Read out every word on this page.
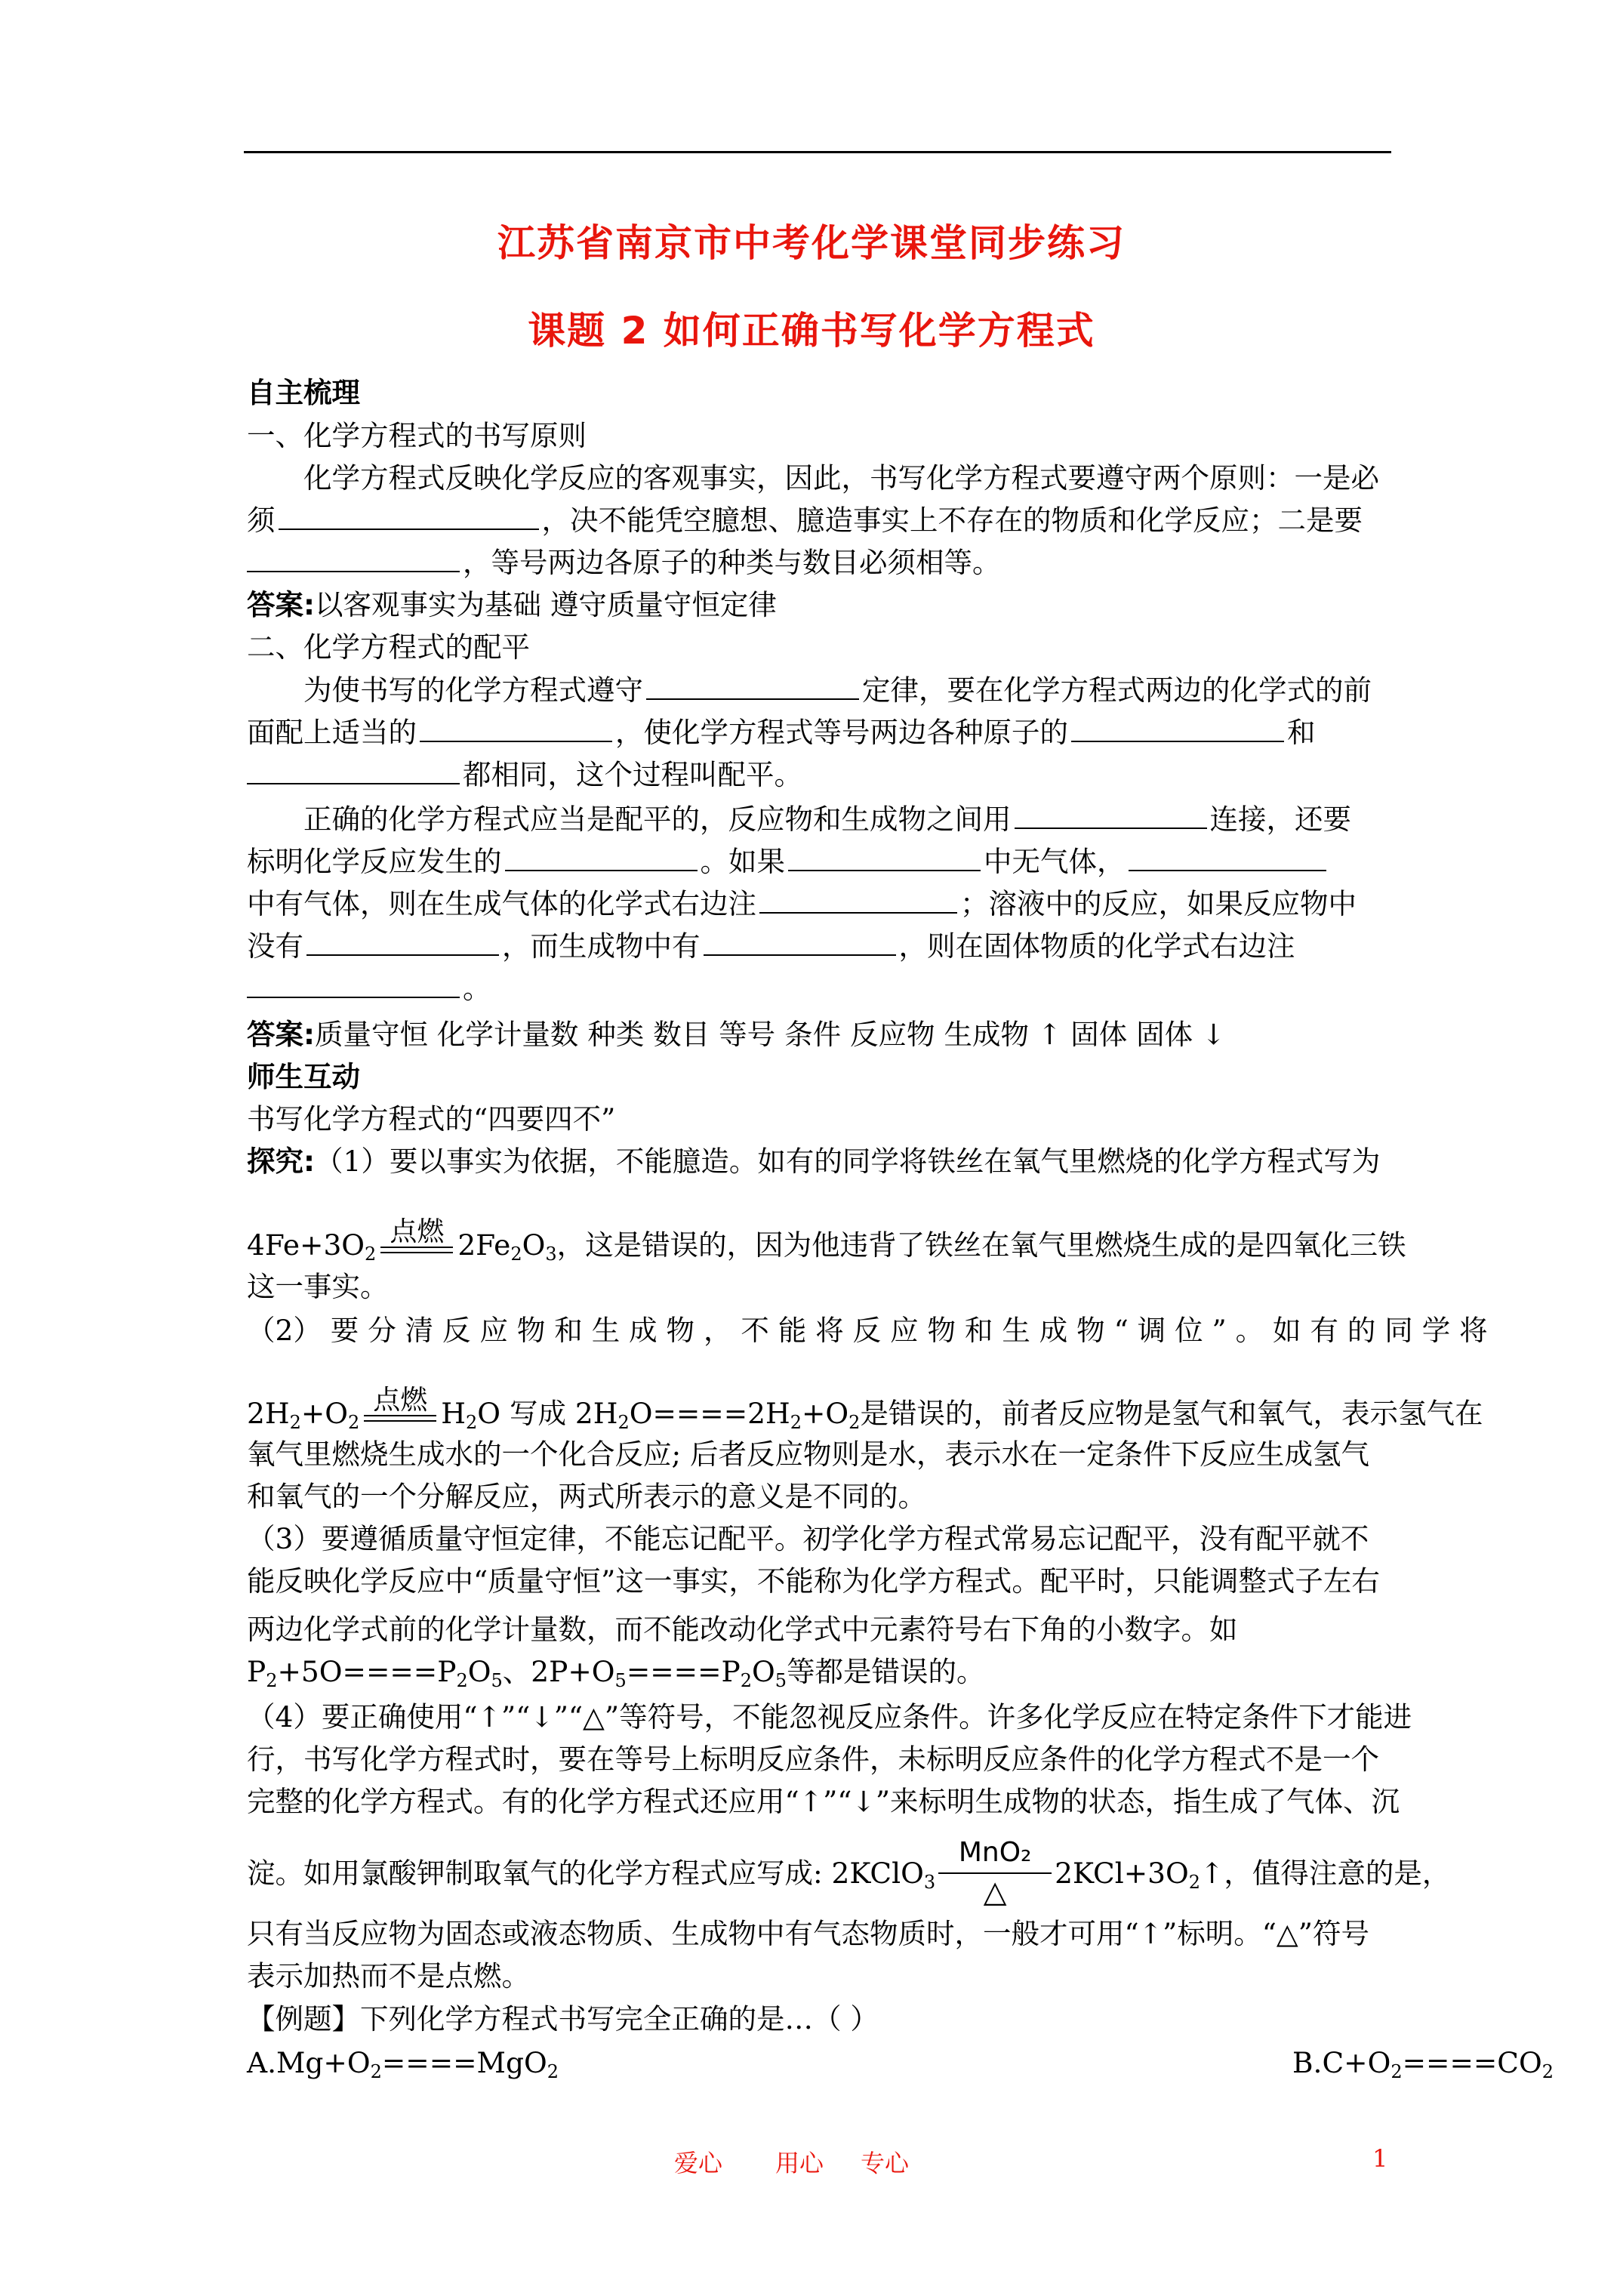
江苏省南京市中考化学课堂同步练习
课题 2 如何正确书写化学方程式
自主梳理
一、化学方程式的书写原则
化学方程式反映化学反应的客观事实，因此，书写化学方程式要遵守两个原则：一是必
须	，决不能凭空臆想、臆造事实上不存在的物质和化学反应；二是要
，等号两边各原子的种类与数目必须相等。
答案:以客观事实为基础 遵守质量守恒定律
二、化学方程式的配平
为使书写的化学方程式遵守	定律，要在化学方程式两边的化学式的前
面配上适当的	，使化学方程式等号两边各种原子的	和
都相同，这个过程叫配平。
正确的化学方程式应当是配平的，反应物和生成物之间用	连接，还要
标明化学反应发生的	。如果	中无气体，
中有气体，则在生成气体的化学式右边注	；溶液中的反应，如果反应物中
没有	，而生成物中有	，则在固体物质的化学式右边注
。
答案:质量守恒 化学计量数 种类 数目 等号 条件 反应物 生成物 ↑ 固体 固体 ↓
师生互动
书写化学方程式的“四要四不”
探究:（1）要以事实为依据，不能臆造。如有的同学将铁丝在氧气里燃烧的化学方程式写为
$4Fe+3O_2$
点燃 $2Fe_2O_3$，这是错误的，因为他违背了铁丝在氧气里燃烧生成的是四氧化三铁
这一事实。
（2） 要 分 清 反 应 物 和 生 成 物 ， 不 能 将 反 应 物 和 生 成 物 “ 调 位 ” 。 如 有 的 同 学 将
$2H_2+O_2$
点燃 $H_2O$ 写成 $2H_2O====2H_2+O_2$是错误的，前者反应物是氢气和氧气，表示氢气在
氧气里燃烧生成水的一个化合反应; 后者反应物则是水，表示水在一定条件下反应生成氢气
和氧气的一个分解反应，两式所表示的意义是不同的。
（3）要遵循质量守恒定律，不能忘记配平。初学化学方程式常易忘记配平，没有配平就不
能反映化学反应中“质量守恒”这一事实，不能称为化学方程式。配平时，只能调整式子左右
两边化学式前的化学计量数，而不能改动化学式中元素符号右下角的小数字。如
$P_2+5O====P_2O_5$、$2P+O_5====P_2O_5$等都是错误的。
（4）要正确使用“↑”“↓”“△”等符号，不能忽视反应条件。许多化学反应在特定条件下才能进
行，书写化学方程式时，要在等号上标明反应条件，未标明反应条件的化学方程式不是一个
完整的化学方程式。有的化学方程式还应用“↑”“↓”来标明生成物的状态，指生成了气体、沉
淀。如用氯酸钾制取氧气的化学方程式应写成: 2KClO$_3$ $\frac{\text{MnO₂}}{\triangle}$ $2KCl+3O_2↑$，值得注意的是，
只有当反应物为固态或液态物质、生成物中有气态物质时，一般才可用“↑”标明。“△”符号
表示加热而不是点燃。
【例题】下列化学方程式书写完全正确的是…（ ）
$A.Mg+O_2====MgO_2$	$B.C+O_2====CO_2$
爱心 用心 专心	1
